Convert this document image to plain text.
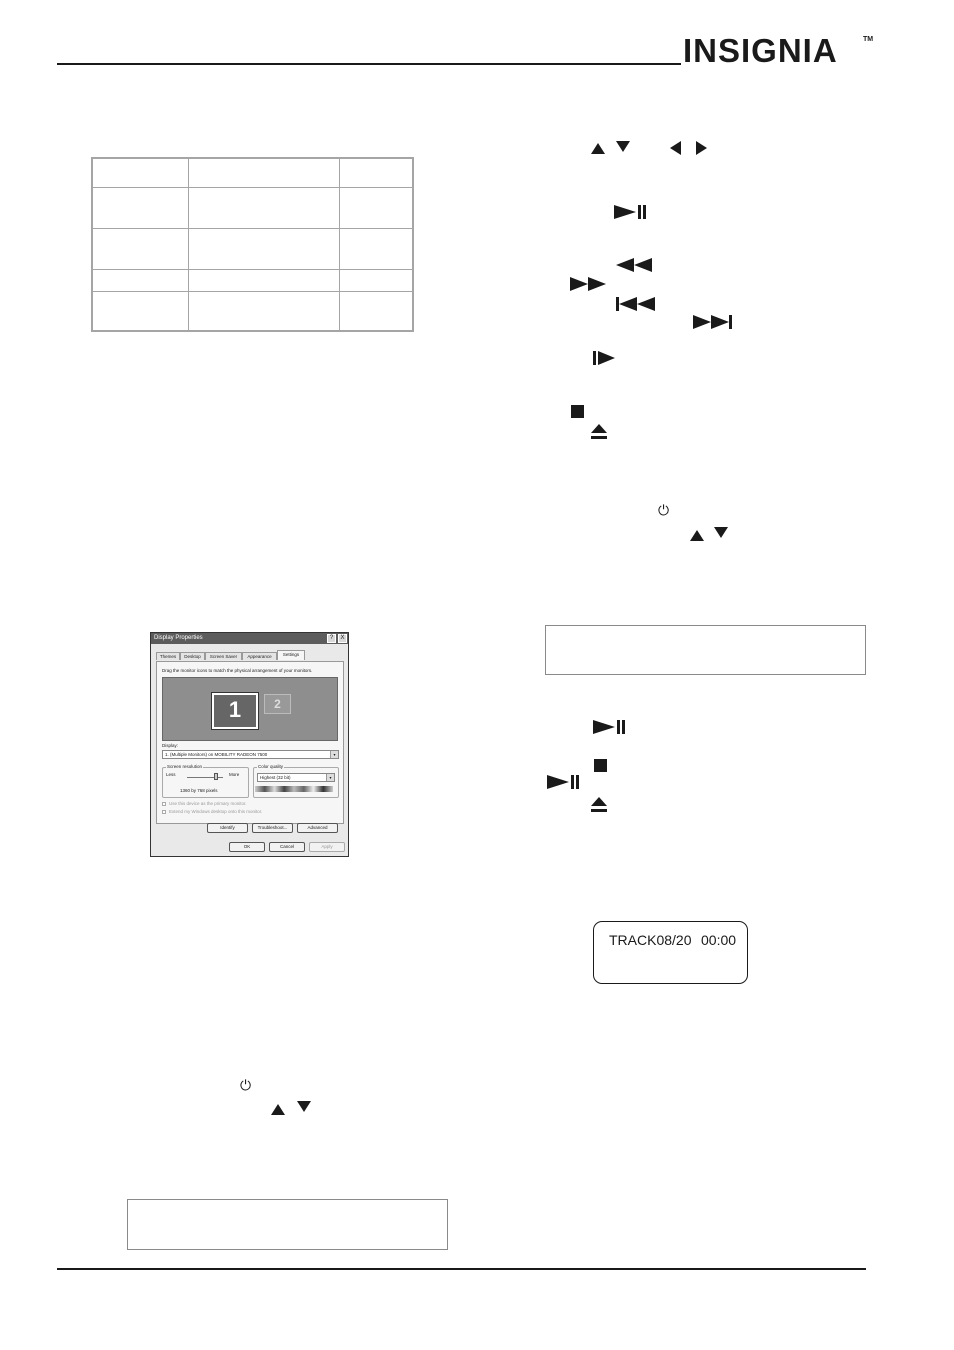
INSIGNIA	TM
⏻
TRACK08/20 00:00
⏻
Display Properties	?	X
Themes	Desktop	Screen Saver	Appearance	Settings
Drag the monitor icons to match the physical arrangement of your monitors.
1	2
Display:
1. (Multiple Monitors) on MOBILITY RADEON 7500	▾
Screen resolution
Less	More
1360 by 768 pixels
Color quality
Highest (32 bit)	▾
Use this device as the primary monitor.
Extend my Windows desktop onto this monitor.
Identify	Troubleshoot...	Advanced
OK	Cancel	Apply
